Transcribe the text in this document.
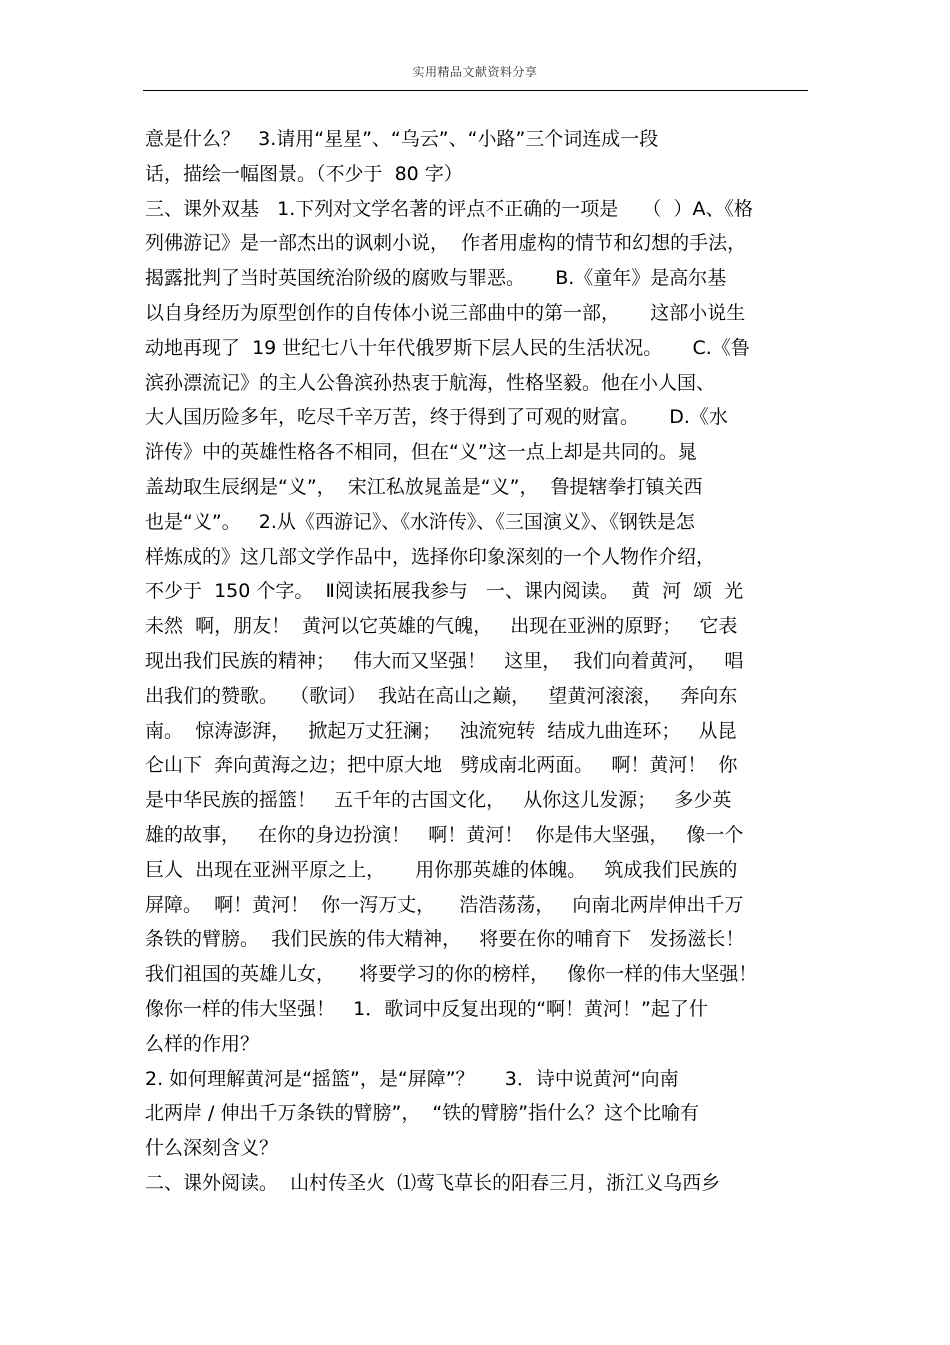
实用精品文献资料分享
意是什么？   3.请用“星星”、“乌云”、“小路”三个词连成一段
话，描绘一幅图景。（不少于  80 字）
三、课外双基   1.下列对文学名著的评点不正确的一项是    （  ）A、《格
列佛游记》是一部杰出的讽刺小说，  作者用虚构的情节和幻想的手法，
揭露批判了当时英国统治阶级的腐败与罪恶。     B.《童年》是高尔基
以自身经历为原型创作的自传体小说三部曲中的第一部，     这部小说生
动地再现了  19 世纪七八十年代俄罗斯下层人民的生活状况。     C.《鲁
滨孙漂流记》的主人公鲁滨孙热衷于航海，性格坚毅。他在小人国、
大人国历险多年，吃尽千辛万苦，终于得到了可观的财富。     D.《水
浒传》中的英雄性格各不相同，但在“义”这一点上却是共同的。晁
盖劫取生辰纲是“义”，  宋江私放晁盖是“义”，  鲁提辖拳打镇关西
也是“义”。   2.从《西游记》、《水浒传》、《三国演义》、《钢铁是怎
样炼成的》这几部文学作品中，选择你印象深刻的一个人物作介绍，
不少于  150 个字。  Ⅱ阅读拓展我参与   一、课内阅读。  黄  河  颂  光
未然  啊，朋友！  黄河以它英雄的气魄，   出现在亚洲的原野；   它表
现出我们民族的精神；   伟大而又坚强！   这里，  我们向着黄河，   唱
出我们的赞歌。  （歌词）  我站在高山之巅，   望黄河滚滚，   奔向东
南。  惊涛澎湃，   掀起万丈狂澜；   浊流宛转  结成九曲连环；   从昆
仑山下  奔向黄海之边；把中原大地   劈成南北两面。   啊！黄河！  你
是中华民族的摇篮！   五千年的古国文化，   从你这儿发源；   多少英
雄的故事，   在你的身边扮演！   啊！黄河！  你是伟大坚强，   像一个
巨人  出现在亚洲平原之上，     用你那英雄的体魄。   筑成我们民族的
屏障。  啊！黄河！  你一泻万丈，    浩浩荡荡，   向南北两岸伸出千万
条铁的臂膀。  我们民族的伟大精神，   将要在你的哺育下   发扬滋长！
我们祖国的英雄儿女，    将要学习的你的榜样，   像你一样的伟大坚强！
像你一样的伟大坚强！   1．歌词中反复出现的“啊！黄河！”起了什
么样的作用？
2. 如何理解黄河是“摇篮”，是“屏障”？     3．诗中说黄河“向南
北两岸 / 伸出千万条铁的臂膀”，  “铁的臂膀”指什么？这个比喻有
什么深刻含义？
二、课外阅读。  山村传圣火  ⑴莺飞草长的阳春三月，浙江义乌西乡
